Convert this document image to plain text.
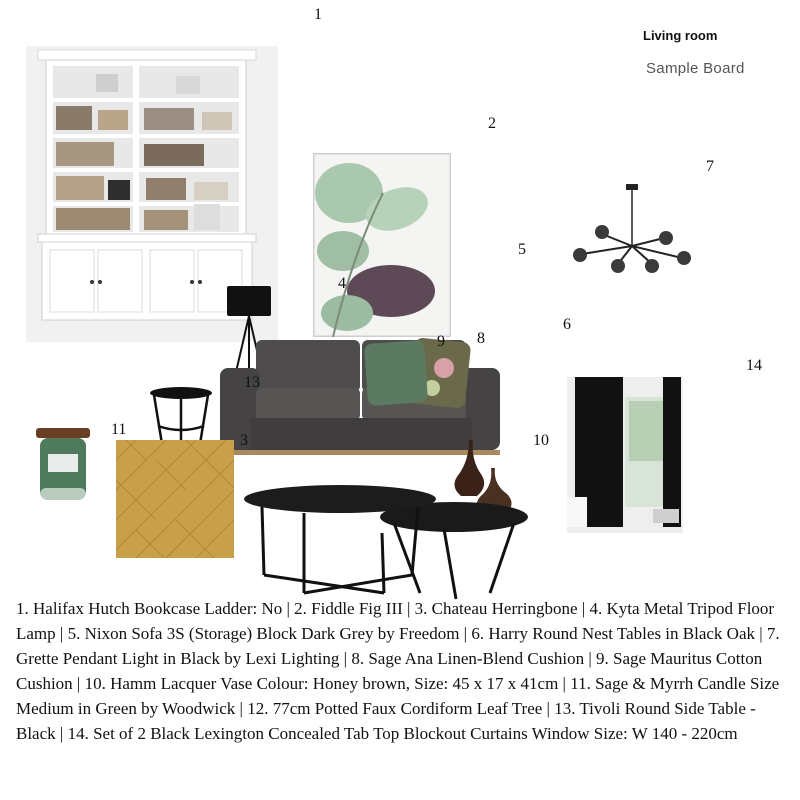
Living room
Sample Board
1
2
3
4
5
6
7
8
9
10
11
13
14
1. Halifax Hutch Bookcase Ladder: No | 2. Fiddle Fig III | 3. Chateau Herringbone | 4. Kyta Metal Tripod Floor Lamp | 5. Nixon Sofa 3S (Storage) Block Dark Grey by Freedom | 6. Harry Round Nest Tables in Black Oak | 7. Grette Pendant Light in Black by Lexi Lighting | 8. Sage Ana Linen-Blend Cushion | 9. Sage Mauritus Cotton Cushion | 10. Hamm Lacquer Vase Colour: Honey brown, Size: 45 x 17 x 41cm | 11. Sage & Myrrh Candle Size Medium in Green by Woodwick | 12. 77cm Potted Faux Cordiform Leaf Tree | 13. Tivoli Round Side Table - Black | 14. Set of 2 Black Lexington Concealed Tab Top Blockout Curtains Window Size: W 140 - 220cm
